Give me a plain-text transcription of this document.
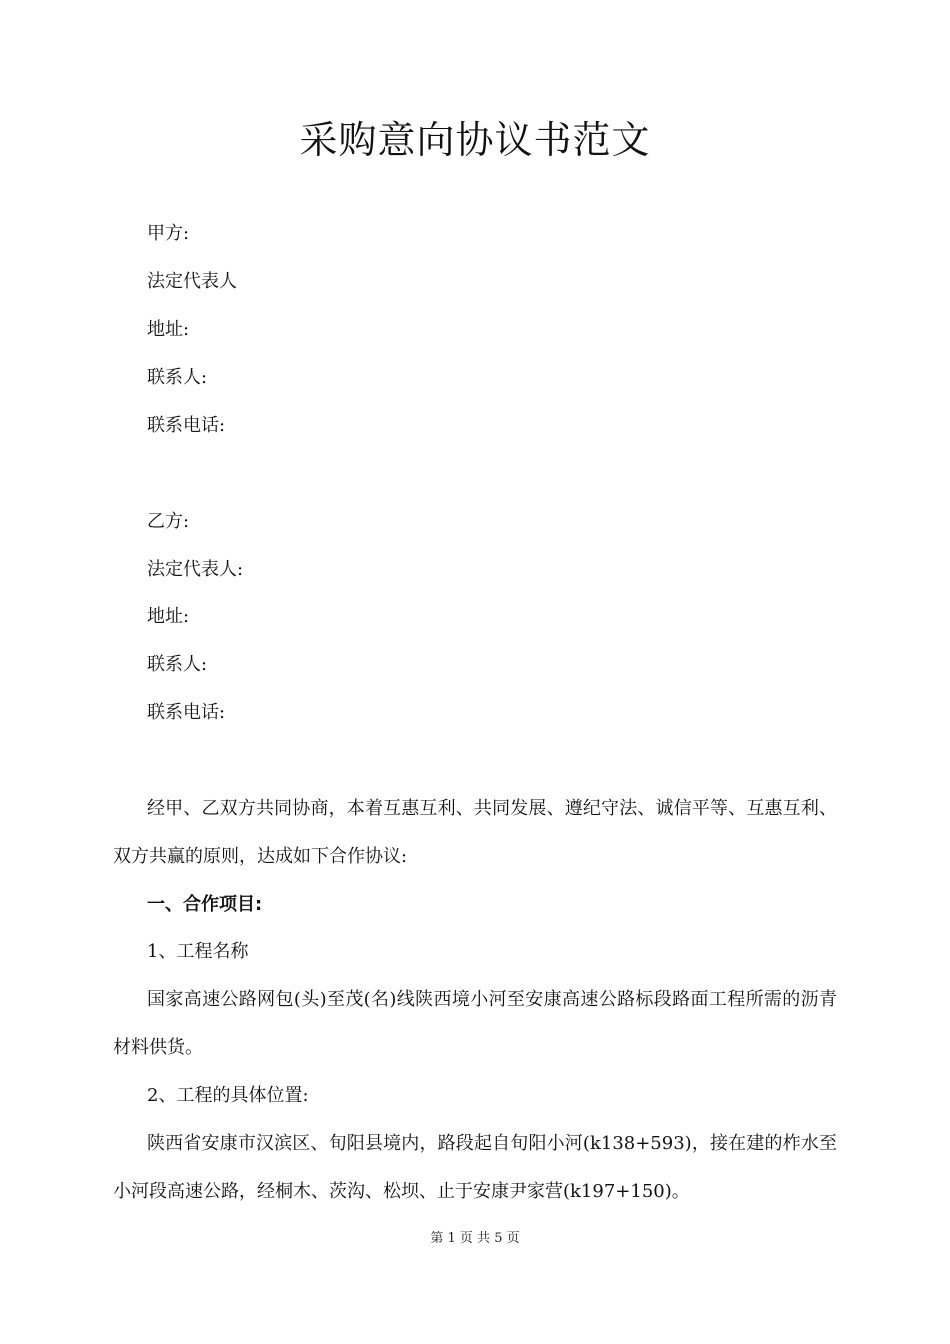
采购意向协议书范文
甲方:
法定代表人
地址:
联系人:
联系电话:
乙方:
法定代表人:
地址:
联系人:
联系电话:
经甲、乙双方共同协商，本着互惠互利、共同发展、遵纪守法、诚信平等、互惠互利、双方共赢的原则，达成如下合作协议:
一、合作项目:
1、工程名称
国家高速公路网包(头)至茂(名)线陕西境小河至安康高速公路标段路面工程所需的沥青材料供货。
2、工程的具体位置:
陕西省安康市汉滨区、旬阳县境内，路段起自旬阳小河(k138+593)，接在建的柞水至小河段高速公路，经桐木、茨沟、松坝、止于安康尹家营(k197+150)。
第 1 页 共 5 页
